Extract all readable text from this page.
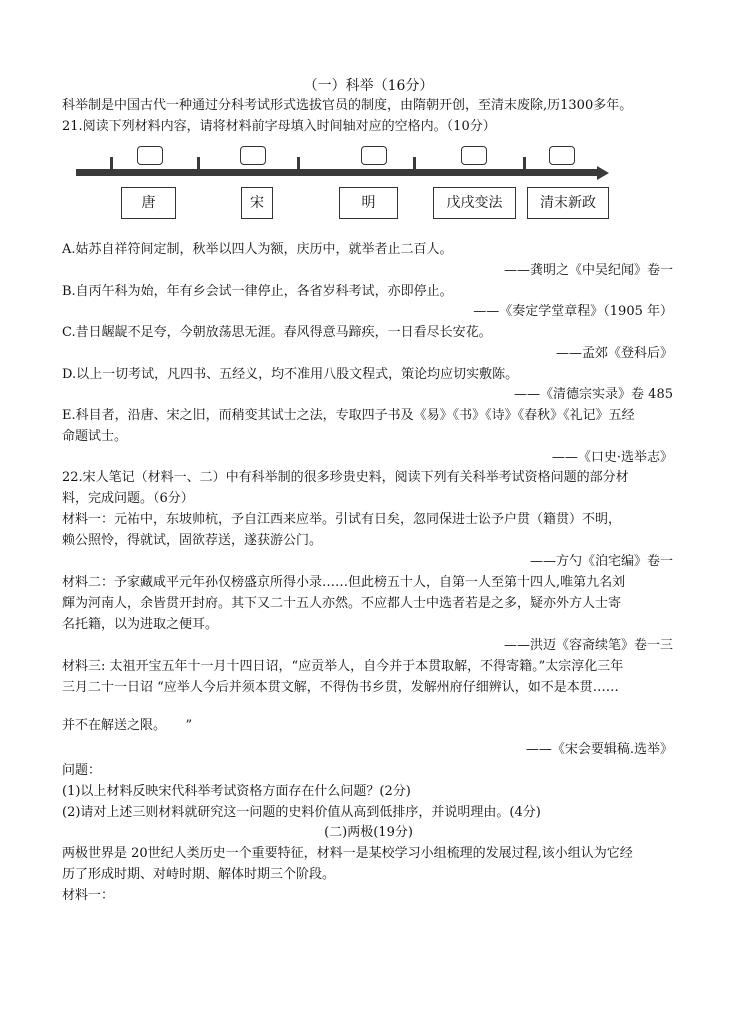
（一）科举（16分）
科举制是中国古代一种通过分科考试形式选拔官员的制度，由隋朝开创，至清末废除,历1300多年。
21.阅读下列材料内容，请将材料前字母填入时间轴对应的空格内。（10分）
唐	宋	明	戊戌变法	清末新政
A.姑苏自祥符间定制，秋举以四人为额，庆历中，就举者止二百人。
——龚明之《中吴纪闻》卷一
B.自丙午科为始，年有乡会试一律停止，各省岁科考试，亦即停止。
——《奏定学堂章程》（1905 年）
C.昔日龌龊不足夸，今朝放荡思无涯。春风得意马蹄疾，一日看尽长安花。
——孟郊《登科后》
D.以上一切考试，凡四书、五经义，均不准用八股文程式，策论均应切实敷陈。
——《清德宗实录》卷 485
E.科目者，沿唐、宋之旧，而稍变其试士之法，专取四子书及《易》《书》《诗》《春秋》《礼记》五经
命题试士。
——《口史·选举志》
22.宋人笔记（材料一、二）中有科举制的很多珍贵史料，阅读下列有关科举考试资格问题的部分材
料，完成问题。（6分）
材料一：元祐中，东坡帅杭，予自江西来应举。引试有日矣，忽同保进士讼予户贯（籍贯）不明，
赖公照怜，得就试，固欲荐送，遂获游公门。
——方勺《泊宅编》卷一
材料二：予家藏咸平元年孙仅榜盛京所得小录……但此榜五十人，自第一人至第十四人,唯第九名刘
輝为河南人，余皆贯开封府。其下又二十五人亦然。不应都人士中选者若是之多，疑亦外方人士寄
名托籍，以为进取之便耳。
——洪迈《容斋续笔》卷一三
材料三: 太祖开宝五年十一月十四日诏，“应贡举人，自今并于本贯取解，不得寄籍。”太宗淳化三年
三月二十一日诏 “应举人今后并须本贯文解，不得伪书乡贯，发解州府仔细辨认，如不是本贯……
并不在解送之限。　　”
——《宋会要辑稿.选举》
问题：
(1)以上材料反映宋代科举考试资格方面存在什么问题？(2分)
(2)请对上述三则材料就研究这一问题的史料价值从高到低排序，并说明理由。(4分)
(二)两极(19分)
两极世界是 20世纪人类历史一个重要特征，材料一是某校学习小组梳理的发展过程,该小组认为它经
历了形成时期、对峙时期、解体时期三个阶段。
材料一：
